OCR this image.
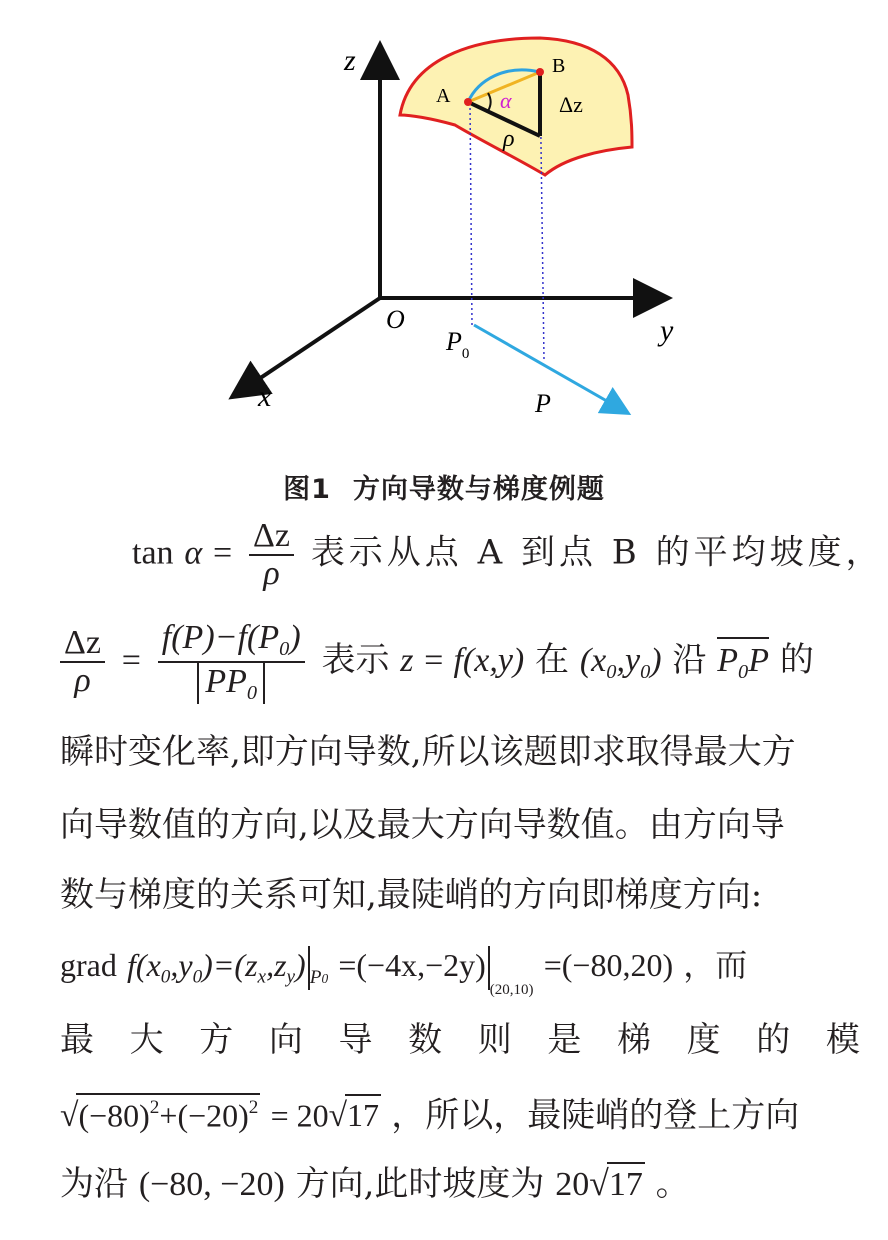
z
y
x
O
A
B
α
ρ
Δz
$P_0$
P
图1 方向导数与梯度例题
$\tan \alpha = \frac{\Delta z}{\rho}$ 表示从点 A 到点 B 的平均坡度，
$\frac{\Delta z}{\rho} = \frac{f(P)-f(P_0)}{PP_0}$ 表示 z = f(x,y) 在 $(x_0,y_0)$ 沿 $P_0P$ 的
瞬时变化率,即方向导数,所以该题即求取得最大方
向导数值的方向,以及最大方向导数值。由方向导
数与梯度的关系可知,最陡峭的方向即梯度方向:
grad $f(x_0,y_0)=(z_x,z_y)$ $_{P0} =(-4x,-2y)_{(20,10)} =(-80,20)$ ，而
最 大 方 向 导 数 则 是 梯 度 的 模
$√(-80)^2+(-20)^2 = 20√17$ ，所以，最陡峭的登上方向
为沿 (−80, −20) 方向,此时坡度为 20√17 。
